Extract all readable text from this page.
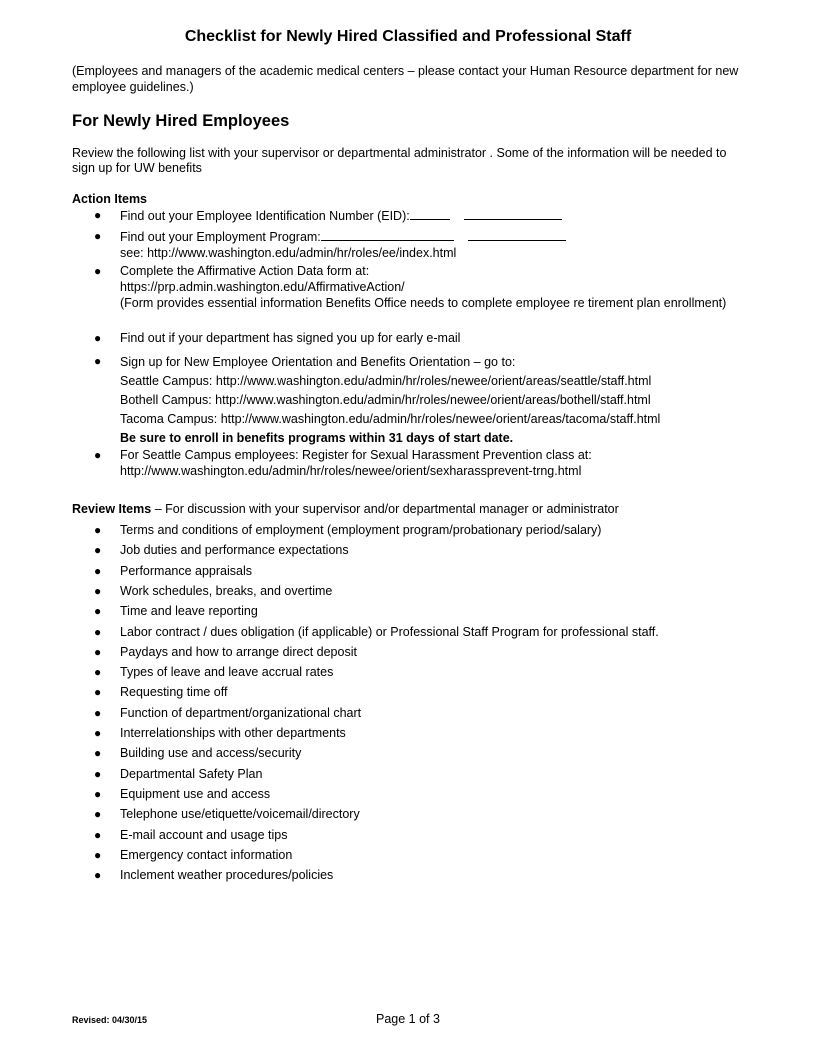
Checklist for Newly Hired Classified and Professional Staff
(Employees and managers of the academic medical centers – please contact your Human Resource department for new employee guidelines.)
For Newly Hired Employees
Review the following list with your supervisor or departmental administrator . Some of the information will be needed to sign up for UW benefits
Action Items
● Find out your Employee Identification Number (EID):
● Find out your Employment Program:
see: http://www.washington.edu/admin/hr/roles/ee/index.html
● Complete the Affirmative Action Data form at:
https://prp.admin.washington.edu/AffirmativeAction/
(Form provides essential information Benefits Office needs to complete employee re tirement plan enrollment)
● Find out if your department has signed you up for early e-mail
● Sign up for New Employee Orientation and Benefits Orientation – go to:
Seattle Campus: http://www.washington.edu/admin/hr/roles/newee/orient/areas/seattle/staff.html
Bothell Campus: http://www.washington.edu/admin/hr/roles/newee/orient/areas/bothell/staff.html
Tacoma Campus: http://www.washington.edu/admin/hr/roles/newee/orient/areas/tacoma/staff.html
Be sure to enroll in benefits programs within 31 days of start date.
● For Seattle Campus employees: Register for Sexual Harassment Prevention class at:
http://www.washington.edu/admin/hr/roles/newee/orient/sexharassprevent-trng.html
Review Items – For discussion with your supervisor and/or departmental manager or administrator
● Terms and conditions of employment (employment program/probationary period/salary)
● Job duties and performance expectations
● Performance appraisals
● Work schedules, breaks, and overtime
● Time and leave reporting
● Labor contract / dues obligation (if applicable) or Professional Staff Program for professional staff.
● Paydays and how to arrange direct deposit
● Types of leave and leave accrual rates
● Requesting time off
● Function of department/organizational chart
● Interrelationships with other departments
● Building use and access/security
● Departmental Safety Plan
● Equipment use and access
● Telephone use/etiquette/voicemail/directory
● E-mail account and usage tips
● Emergency contact information
● Inclement weather procedures/policies
Revised: 04/30/15	Page 1 of 3
